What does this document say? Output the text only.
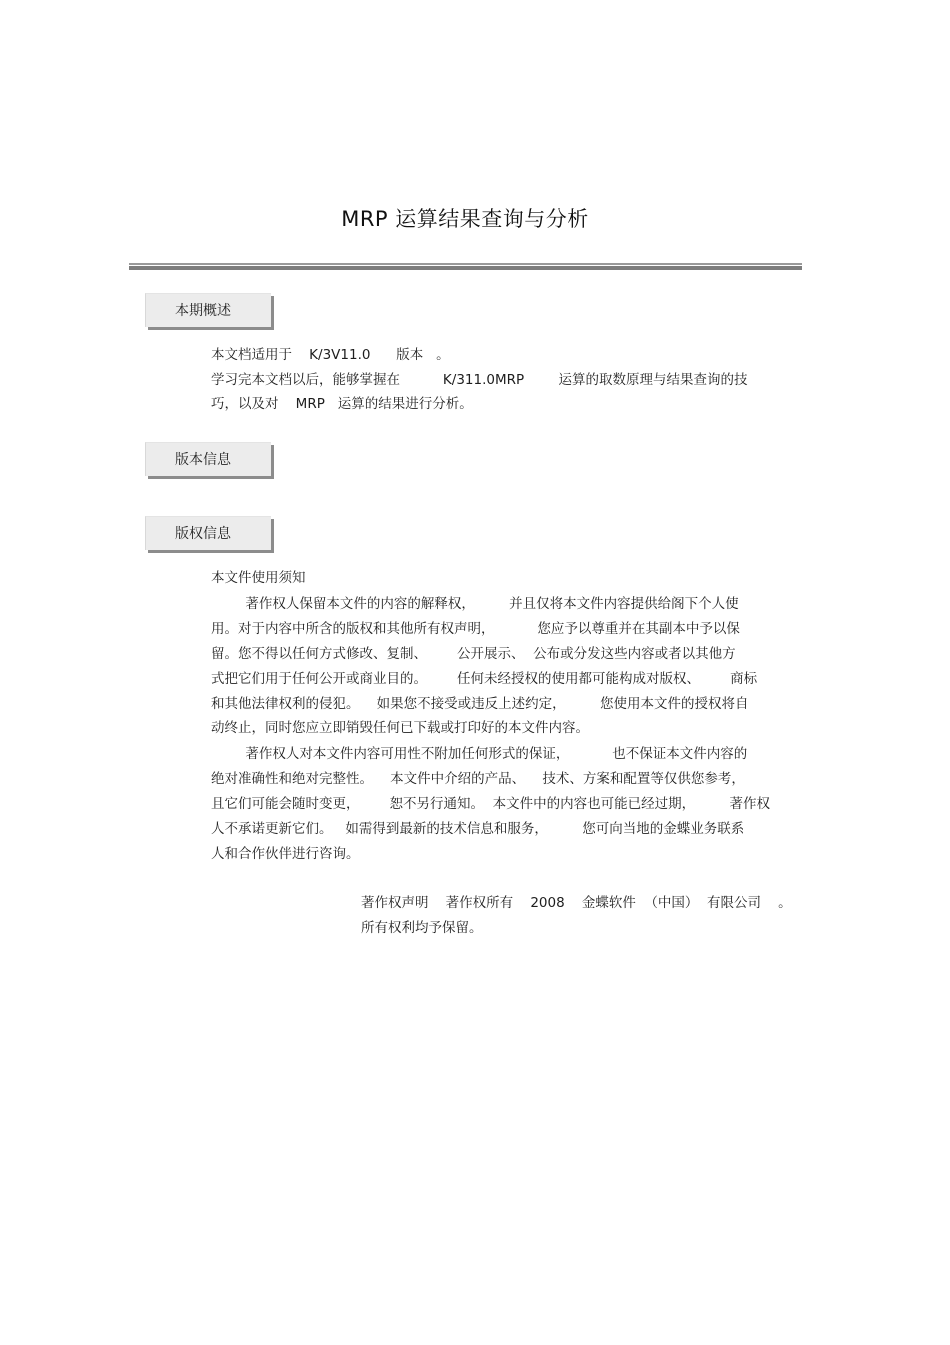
MRP 运算结果查询与分析
本期概述
本文档适用于    K/3V11.0      版本   。
学习完本文档以后，能够掌握在          K/311.0MRP        运算的取数原理与结果查询的技
巧，以及对    MRP   运算的结果进行分析。
版本信息
版权信息
本文件使用须知
著作权人保留本文件的内容的解释权，        并且仅将本文件内容提供给阁下个人使
用。对于内容中所含的版权和其他所有权声明，          您应予以尊重并在其副本中予以保
留。您不得以任何方式修改、复制、       公开展示、  公布或分发这些内容或者以其他方
式把它们用于任何公开或商业目的。       任何未经授权的使用都可能构成对版权、       商标
和其他法律权利的侵犯。    如果您不接受或违反上述约定，        您使用本文件的授权将自
动终止，同时您应立即销毁任何已下载或打印好的本文件内容。
著作权人对本文件内容可用性不附加任何形式的保证，          也不保证本文件内容的
绝对准确性和绝对完整性。    本文件中介绍的产品、    技术、方案和配置等仅供您参考，
且它们可能会随时变更，       恕不另行通知。  本文件中的内容也可能已经过期，        著作权
人不承诺更新它们。   如需得到最新的技术信息和服务，        您可向当地的金蝶业务联系
人和合作伙伴进行咨询。
著作权声明    著作权所有    2008    金蝶软件  （中国）  有限公司    。
所有权利均予保留。
